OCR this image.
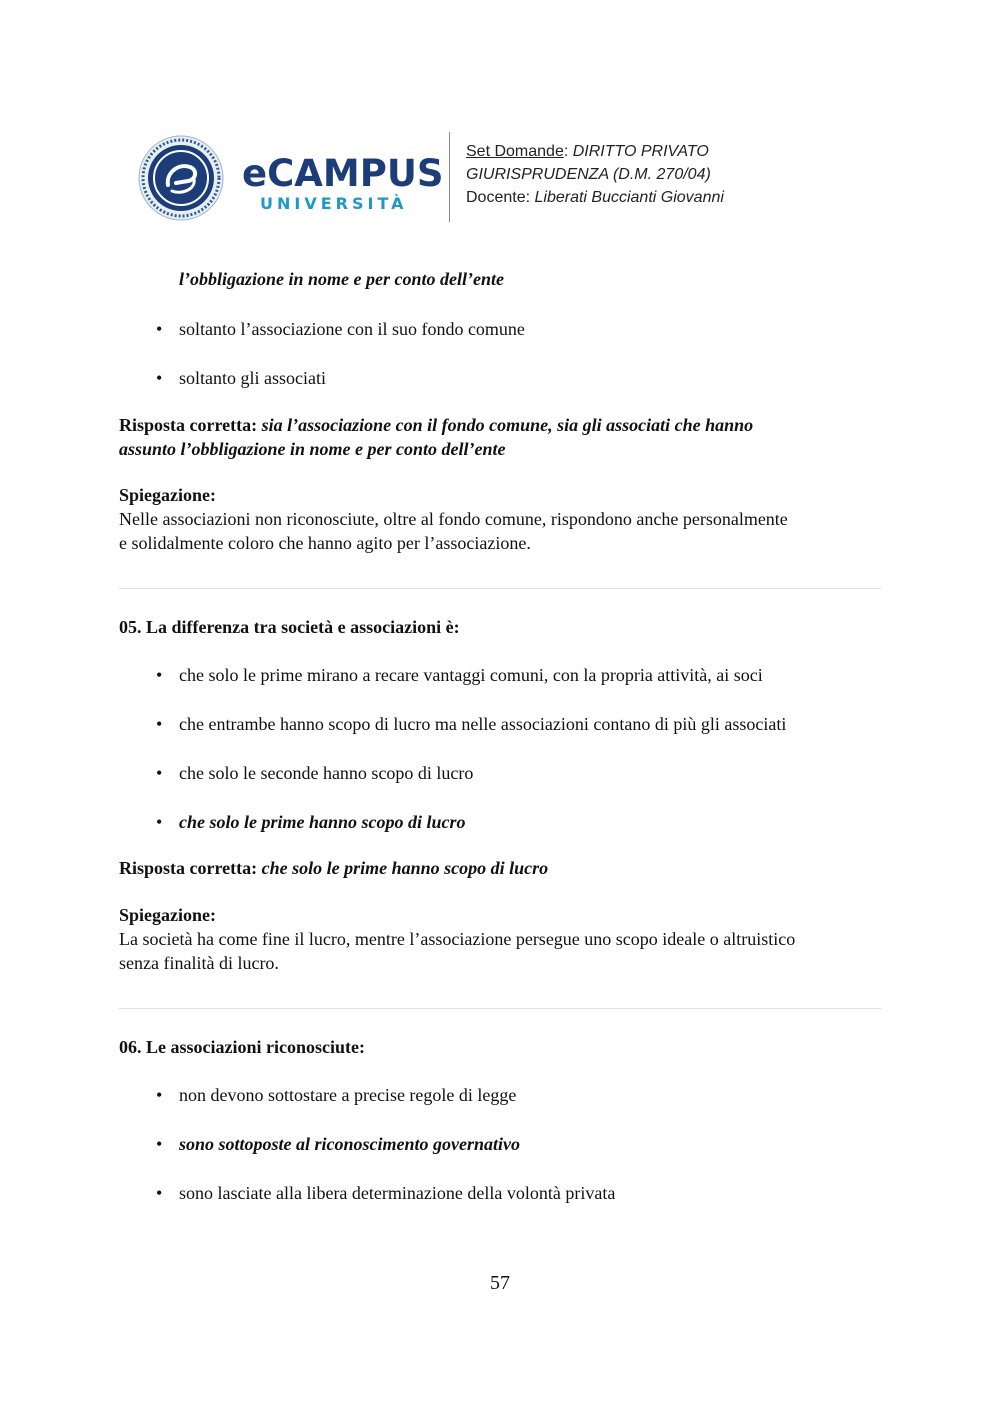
eCAMPUS
UNIVERSITÀ
Set Domande: DIRITTO PRIVATO
GIURISPRUDENZA (D.M. 270/04)
Docente: Liberati Buccianti Giovanni
l’obbligazione in nome e per conto dell’ente
• soltanto l’associazione con il suo fondo comune
• soltanto gli associati
Risposta corretta: sia l’associazione con il fondo comune, sia gli associati che hanno
assunto l’obbligazione in nome e per conto dell’ente
Spiegazione:
Nelle associazioni non riconosciute, oltre al fondo comune, rispondono anche personalmente
e solidalmente coloro che hanno agito per l’associazione.
05. La differenza tra società e associazioni è:
• che solo le prime mirano a recare vantaggi comuni, con la propria attività, ai soci
• che entrambe hanno scopo di lucro ma nelle associazioni contano di più gli associati
• che solo le seconde hanno scopo di lucro
• che solo le prime hanno scopo di lucro
Risposta corretta: che solo le prime hanno scopo di lucro
Spiegazione:
La società ha come fine il lucro, mentre l’associazione persegue uno scopo ideale o altruistico
senza finalità di lucro.
06. Le associazioni riconosciute:
• non devono sottostare a precise regole di legge
• sono sottoposte al riconoscimento governativo
• sono lasciate alla libera determinazione della volontà privata
57
